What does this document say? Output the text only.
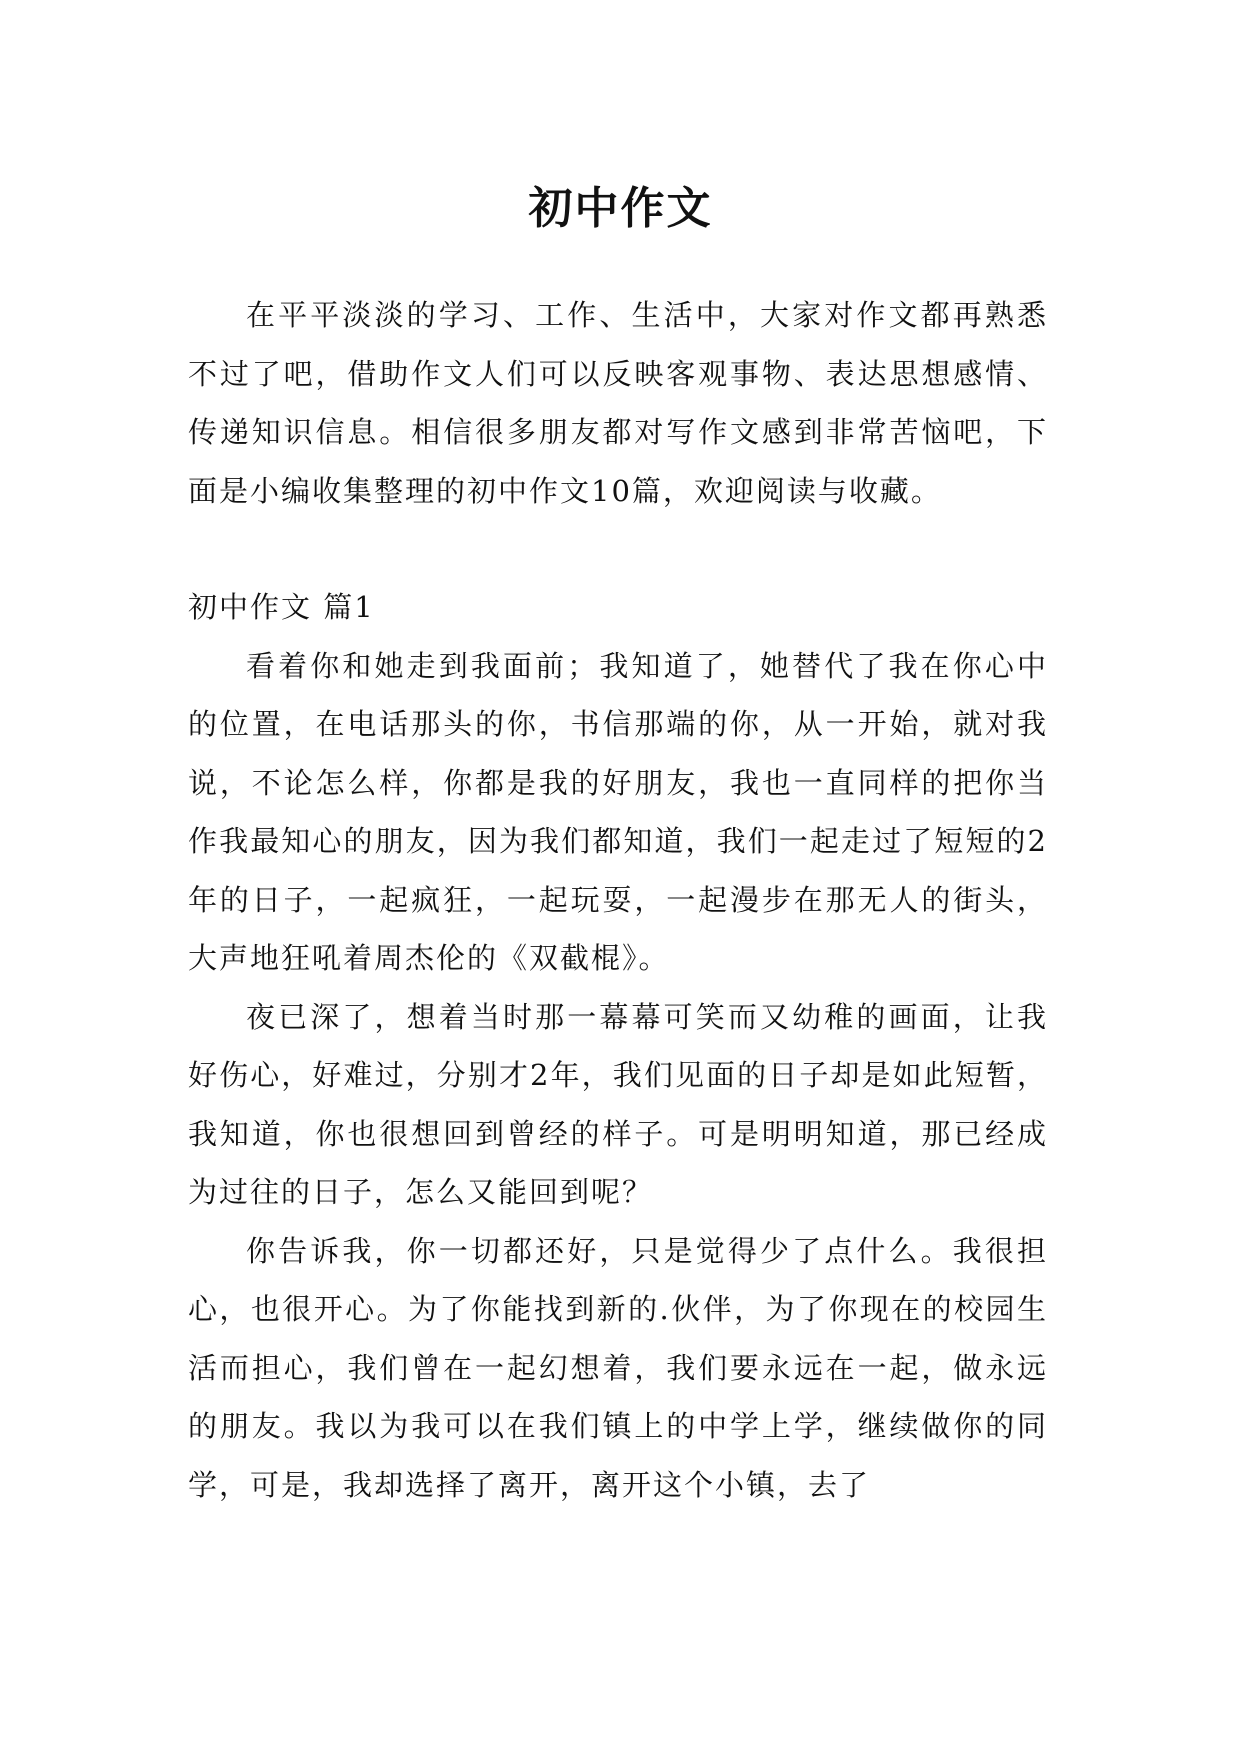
初中作文

在平平淡淡的学习、工作、生活中，大家对作文都再熟悉不过了吧，借助作文人们可以反映客观事物、表达思想感情、传递知识信息。相信很多朋友都对写作文感到非常苦恼吧，下面是小编收集整理的初中作文10篇，欢迎阅读与收藏。

初中作文 篇1

看着你和她走到我面前；我知道了，她替代了我在你心中的位置，在电话那头的你，书信那端的你，从一开始，就对我说，不论怎么样，你都是我的好朋友，我也一直同样的把你当作我最知心的朋友，因为我们都知道，我们一起走过了短短的2年的日子，一起疯狂，一起玩耍，一起漫步在那无人的街头，大声地狂吼着周杰伦的《双截棍》。

夜已深了，想着当时那一幕幕可笑而又幼稚的画面，让我好伤心，好难过，分别才2年，我们见面的日子却是如此短暂，我知道，你也很想回到曾经的样子。可是明明知道，那已经成为过往的日子，怎么又能回到呢？

你告诉我，你一切都还好，只是觉得少了点什么。我很担心，也很开心。为了你能找到新的.伙伴，为了你现在的校园生活而担心，我们曾在一起幻想着，我们要永远在一起，做永远的朋友。我以为我可以在我们镇上的中学上学，继续做你的同学，可是，我却选择了离开，离开这个小镇，去了
